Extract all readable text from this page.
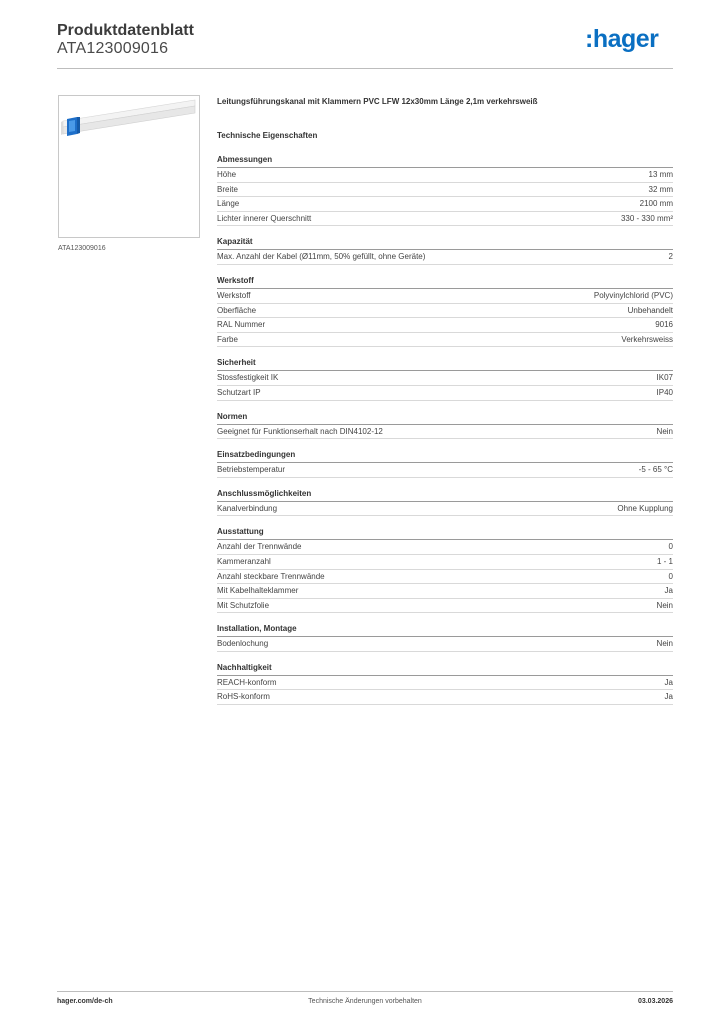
Produktdatenblatt
ATA123009016	:hager
ATA123009016
Leitungsführungskanal mit Klammern PVC LFW 12x30mm Länge 2,1m verkehrsweiß
Technische Eigenschaften
Abmessungen
Höhe	13 mm
Breite	32 mm
Länge	2100 mm
Lichter innerer Querschnitt	330 - 330 mm²
Kapazität
Max. Anzahl der Kabel (Ø11mm, 50% gefüllt, ohne Geräte)	2
Werkstoff
Werkstoff	Polyvinylchlorid (PVC)
Oberfläche	Unbehandelt
RAL Nummer	9016
Farbe	Verkehrsweiss
Sicherheit
Stossfestigkeit IK	IK07
Schutzart IP	IP40
Normen
Geeignet für Funktionserhalt nach DIN4102-12	Nein
Einsatzbedingungen
Betriebstemperatur	-5 - 65 °C
Anschlussmöglichkeiten
Kanalverbindung	Ohne Kupplung
Ausstattung
Anzahl der Trennwände	0
Kammeranzahl	1 - 1
Anzahl steckbare Trennwände	0
Mit Kabelhalteklammer	Ja
Mit Schutzfolie	Nein
Installation, Montage
Bodenlochung	Nein
Nachhaltigkeit
REACH-konform	Ja
RoHS-konform	Ja
hager.com/de-ch	Technische Änderungen vorbehalten	03.03.2026
